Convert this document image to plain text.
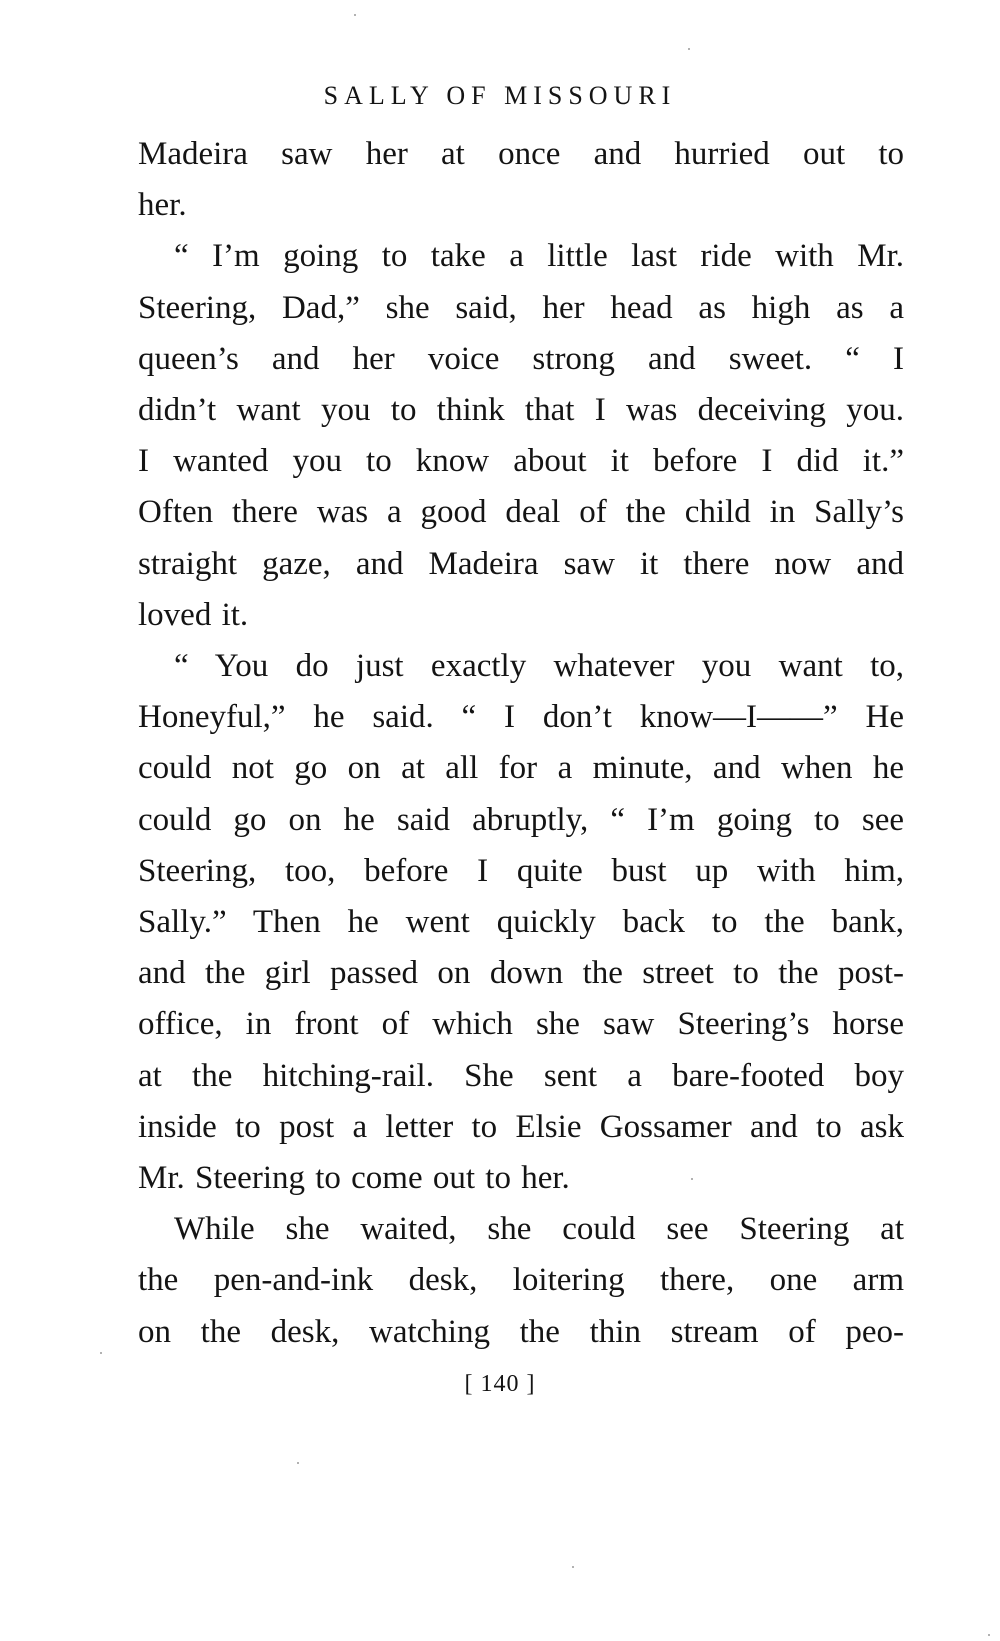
SALLY OF MISSOURI

Madeira saw her at once and hurried out to
her.

“ I’m going to take a little last ride with Mr.
Steering, Dad,” she said, her head as high as a
queen’s and her voice strong and sweet. “ I
didn’t want you to think that I was deceiving you.
I wanted you to know about it before I did it.”
Often there was a good deal of the child in Sally’s
straight gaze, and Madeira saw it there now and
loved it.

“ You do just exactly whatever you want to,
Honeyful,” he said. “ I don’t know—I——” He
could not go on at all for a minute, and when he
could go on he said abruptly, “ I’m going to see
Steering, too, before I quite bust up with him,
Sally.” Then he went quickly back to the bank,
and the girl passed on down the street to the post-
office, in front of which she saw Steering’s horse
at the hitching-rail. She sent a bare-footed boy
inside to post a letter to Elsie Gossamer and to ask
Mr. Steering to come out to her.

While she waited, she could see Steering at
the pen-and-ink desk, loitering there, one arm
on the desk, watching the thin stream of peo-

[ 140 ]
